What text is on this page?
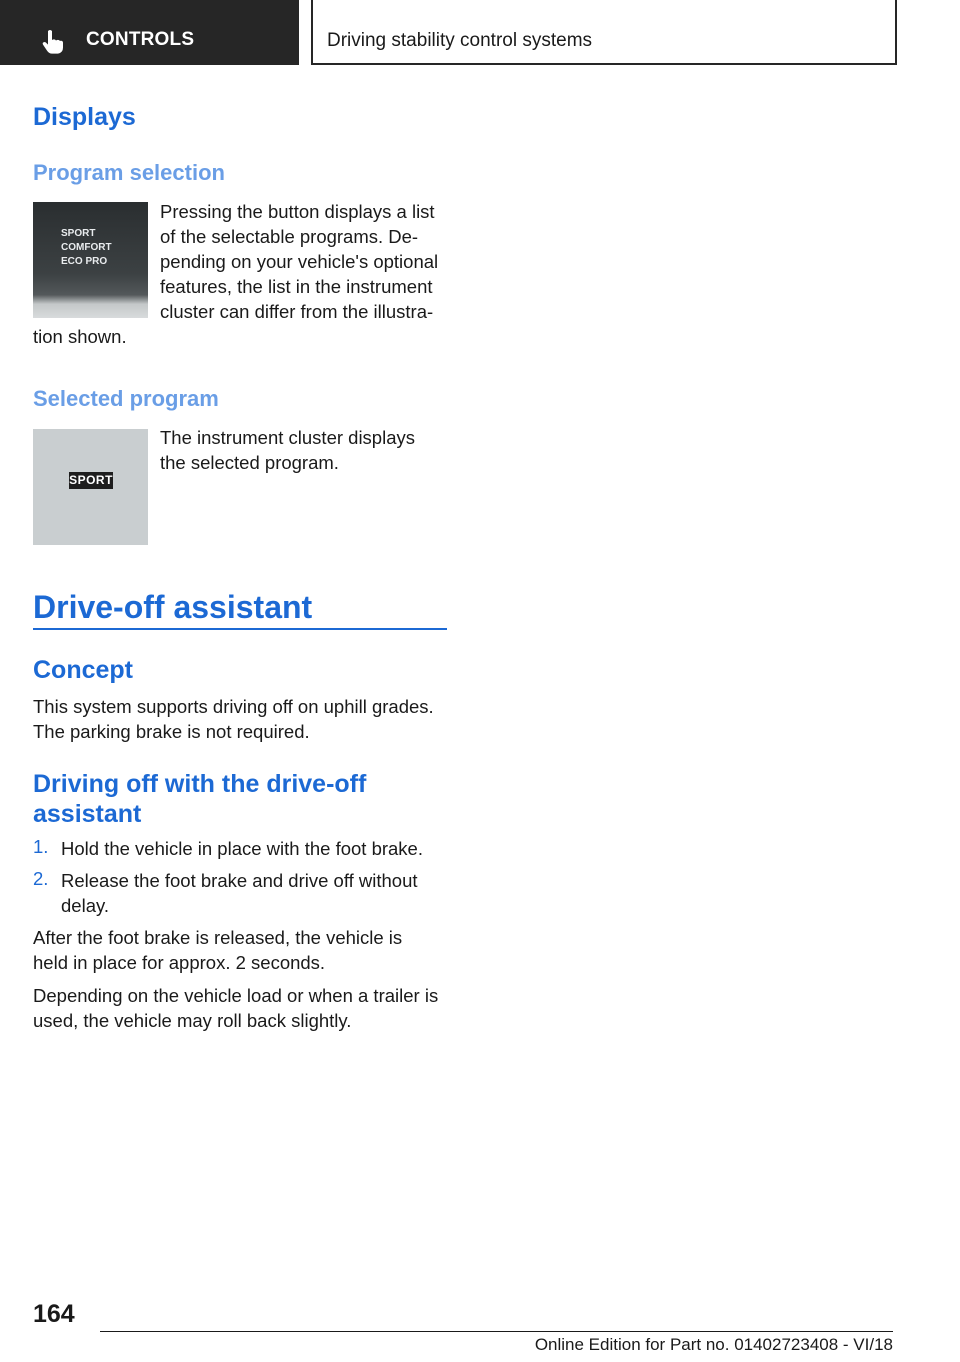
CONTROLS	Driving stability control systems
Displays
Program selection
SPORT
COMFORT
ECO PRO
Pressing the button displays a list
of the selectable programs. De‐
pending on your vehicle's optional
features, the list in the instrument
cluster can differ from the illustra‐
tion shown.
Selected program
SPORT
The instrument cluster displays
the selected program.
Drive-off assistant
Concept
This system supports driving off on uphill grades.
The parking brake is not required.
Driving off with the drive-off
assistant
1. Hold the vehicle in place with the foot brake.
2. Release the foot brake and drive off without
delay.
After the foot brake is released, the vehicle is
held in place for approx. 2 seconds.
Depending on the vehicle load or when a trailer is
used, the vehicle may roll back slightly.
164
Online Edition for Part no. 01402723408 - VI/18
